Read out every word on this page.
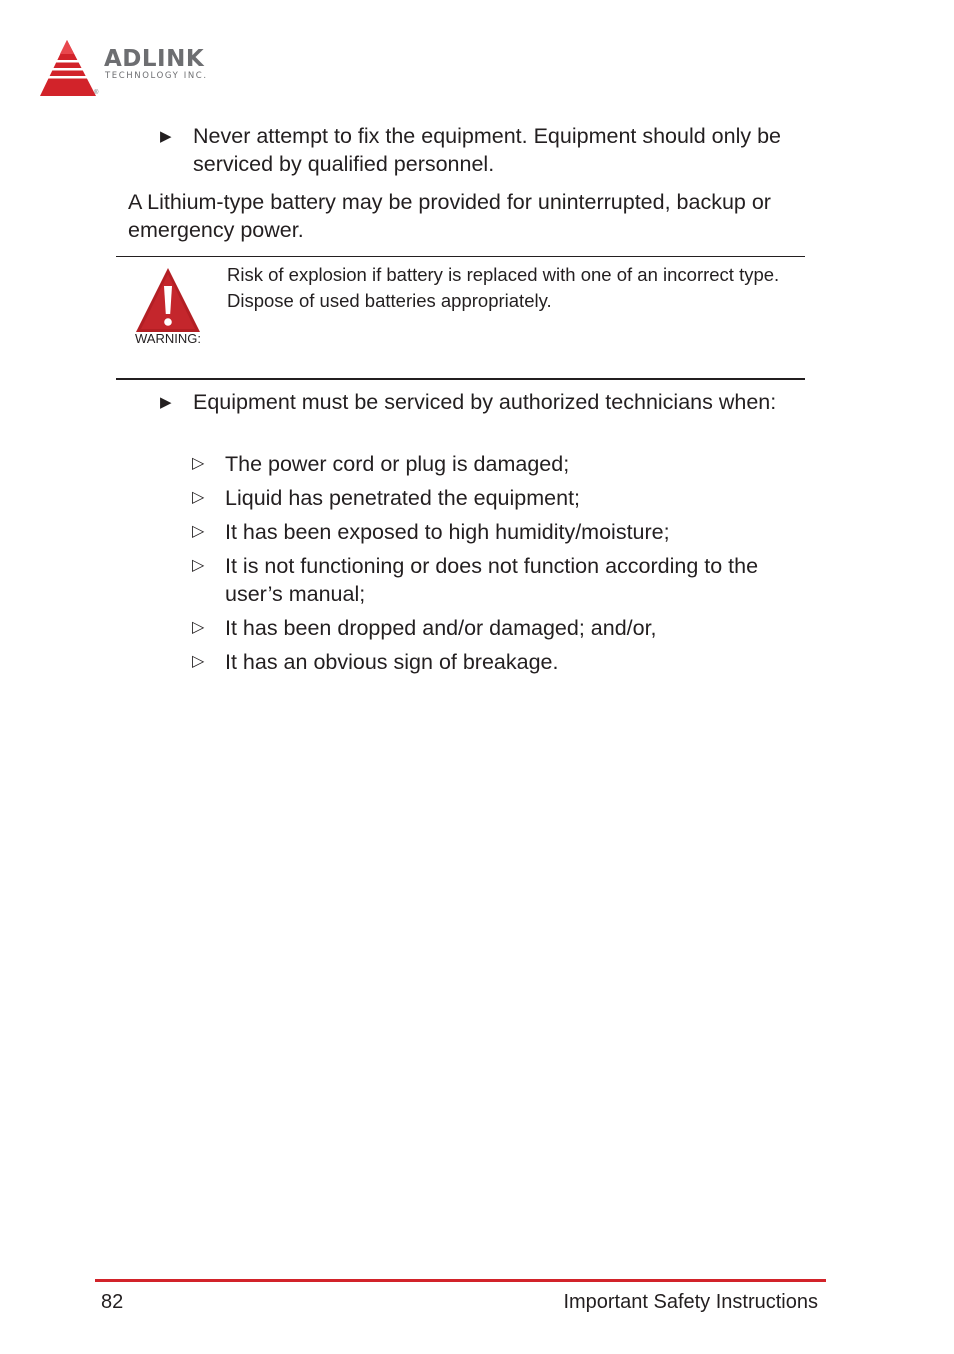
ADLINK
TECHNOLOGY INC.
®
▶ Never attempt to fix the equipment. Equipment should only be serviced by qualified personnel.
A Lithium-type battery may be provided for uninterrupted, backup or emergency power.
WARNING:
Risk of explosion if battery is replaced with one of an incorrect type. Dispose of used batteries appropriately.
▶ Equipment must be serviced by authorized technicians when:
▷ The power cord or plug is damaged;
▷ Liquid has penetrated the equipment;
▷ It has been exposed to high humidity/moisture;
▷ It is not functioning or does not function according to the user’s manual;
▷ It has been dropped and/or damaged; and/or,
▷ It has an obvious sign of breakage.
82	Important Safety Instructions
